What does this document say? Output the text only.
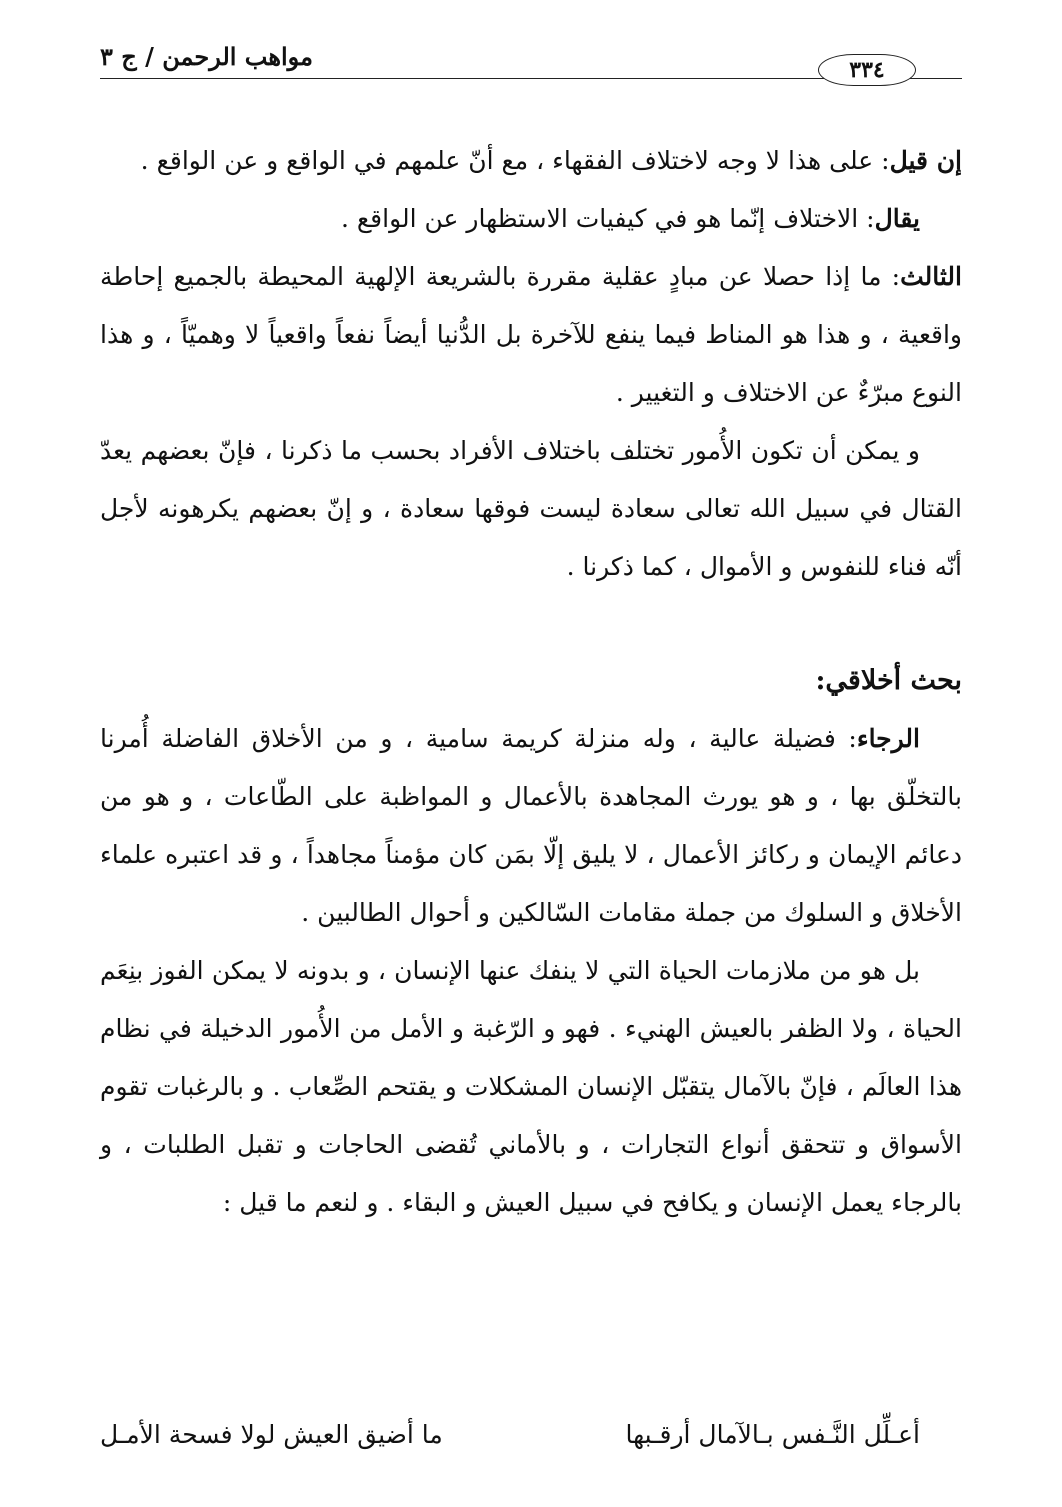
مواهب الرحمن / ج ٣	٣٣٤

إن قيل: على هذا لا وجه لاختلاف الفقهاء ، مع أنّ علمهم في الواقع و عن الواقع .

يقال: الاختلاف إنّما هو في كيفيات الاستظهار عن الواقع .

الثالث: ما إذا حصلا عن مبادٍ عقلية مقررة بالشريعة الإلهية المحيطة بالجميع إحاطة واقعية ، و هذا هو المناط فيما ينفع للآخرة بل الدُّنيا أيضاً نفعاً واقعياً لا وهميّاً ، و هذا النوع مبرّءٌ عن الاختلاف و التغيير .

و يمكن أن تكون الأُمور تختلف باختلاف الأفراد بحسب ما ذكرنا ، فإنّ بعضهم يعدّ القتال في سبيل الله تعالى سعادة ليست فوقها سعادة ، و إنّ بعضهم يكرهونه لأجل أنّه فناء للنفوس و الأموال ، كما ذكرنا .

بحث أخلاقي:

الرجاء: فضيلة عالية ، وله منزلة كريمة سامية ، و من الأخلاق الفاضلة أُمرنا بالتخلّق بها ، و هو يورث المجاهدة بالأعمال و المواظبة على الطّاعات ، و هو من دعائم الإيمان و ركائز الأعمال ، لا يليق إلّا بمَن كان مؤمناً مجاهداً ، و قد اعتبره علماء الأخلاق و السلوك من جملة مقامات السّالكين و أحوال الطالبين .

بل هو من ملازمات الحياة التي لا ينفك عنها الإنسان ، و بدونه لا يمكن الفوز بنِعَم الحياة ، ولا الظفر بالعيش الهنيء . فهو و الرّغبة و الأمل من الأُمور الدخيلة في نظام هذا العالَم ، فإنّ بالآمال يتقبّل الإنسان المشكلات و يقتحم الصِّعاب . و بالرغبات تقوم الأسواق و تتحقق أنواع التجارات ، و بالأماني تُقضى الحاجات و تقبل الطلبات ، و بالرجاء يعمل الإنسان و يكافح في سبيل العيش و البقاء . و لنعم ما قيل :

أعـلِّل النَّـفس بـالآمال أرقـبها
ما أضيق العيش لولا فسحة الأمـل
